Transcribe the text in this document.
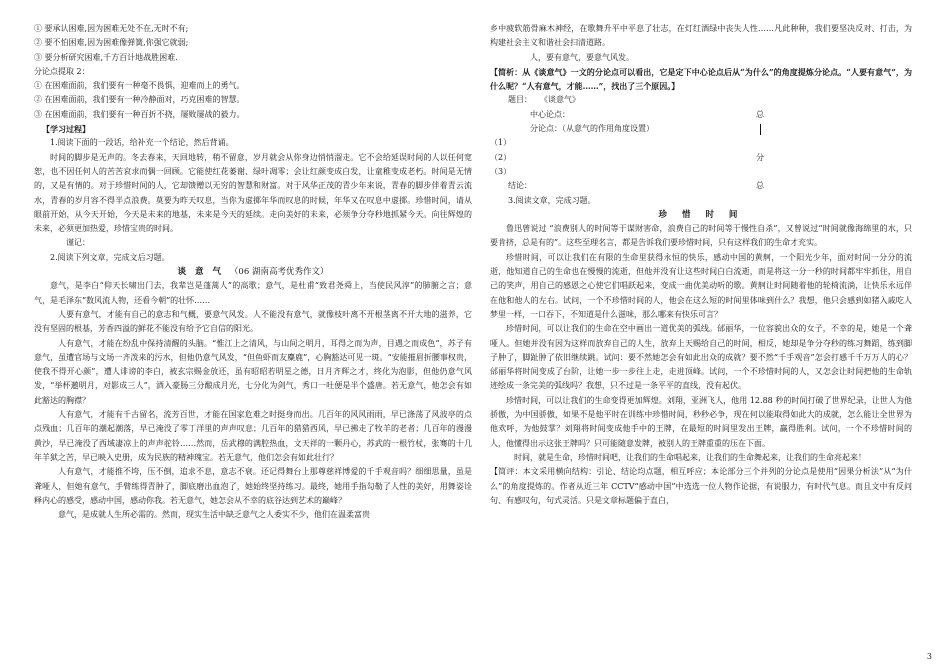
① 要承认困难,因为困难无处不在,无时不有;

② 要不怕困难,因为困难像弹簧,你强它就弱;

③ 要分析研究困难,千方百计地战胜困难.

分论点提取 2：

① 在困难面前，我们要有一种毫不畏惧，迎难而上的勇气。

② 在困难面前，我们要有一种冷静面对，巧克困难的智慧。

③ 在困难面前，我们要有一种百折不挠，屡败屡战的毅力。

【学习过程】

1.阅读下面的一段话，给补充一个结论，然后背诵。

时间的脚步是无声的。冬去春来，天回地转，稍不留意，岁月就会从你身边悄悄溜走。它不会给延误时间的人以任何宽恕，也不因任何人的苦苦哀求而偶一回顾。它能使红花萎谢、绿叶凋零；会让红颜变成白发，让童稚变成老朽。时间是无情的，又是有情的。对于珍惜时间的人，它却馈赠以无穷的智慧和财富。对于风华正茂的青少年来说，青春的脚步伴着青云流水，青春的岁月容不得半点浪费。莫要为昨天叹息，当你为虚掷年华而叹息的时候，年华又在叹息中虚掷。珍惜时间，请从眼前开始，从今天开始，今天是未来的地基，未来是今天的延续。走向美好的未来，必须争分夺秒地抓紧今天。向往辉煌的未来，必须更加热爱，珍惜宝贵的时间。

谨记：

2.阅读下列文章，完成文后习题。

谈 意 气 （06 湖南高考优秀作文）

意气，是李白“仰天长啸出门去，我辈岂是蓬蒿人”的高歌；意气，是杜甫“致君尧舜上，当使民风淳”的肺腑之言；意气，是毛泽东“数风流人物，还看今朝”的壮怀……

人要有意气，才能有自己的意志和气概，要意气风发。人不能没有意气，就像枝叶离不开根茎离不开大地的滋养，它没有坚固的根基，芳香四溢的鲜花不能没有给予它自信的阳光。

人有意气，才能在纷乱中保持清醒的头脑。“惟江上之清风，与山间之明月，耳得之而为声，目遇之而成色”，苏子有意气，虽遭官场与文场一齐泼来的污水，但他仍意气风发，“但鱼虾而友麋鹿”，心胸豁达可见一斑。“安能摧眉折腰事权贵，使我不得开心颜”，遭人诽谤的李白，被玄宗赐金放还，虽有昭昭若明星之德，日月齐辉之才，终化为泡影，但他仍意气风发，“举杯邀明月，对影成三人”，酒入豪肠三分酿成月光，七分化为剑气，秀口一吐便是半个盛唐。若无意气，他怎会有如此豁达的胸襟？

人有意气，才能有千古留名，流芳百世，才能在国家危难之时挺身而出。几百年的风风雨雨，早已涤荡了风波亭的点点残血；几百年的潮起潮落，早已淹没了零丁洋里的声声叹息；几百年的猎猎西风，早已拂走了牧羊的老者；几百年的漫漫黄沙，早已淹没了西域凄凉上的声声驼铃……然而，岳武穆的满腔热血，文天祥的一颗丹心，苏武的一根竹杖，张骞的十几年羊狱之苦，早已映入史册，成为民族的精神瑰宝。若无意气，他们怎会有如此壮行？

人有意气，才能推不垮，压不倒，追求不息，意志不衰。还记得舞台上那尊慈祥博爱的千手观音吗？细细思量，虽是聋哑人，但她有意气，手臂练得青肿了，脚底磨出血泡了，她始终坚持练习。最终，她用手指勾勒了人性的美好，用舞姿诠释内心的感受，感动中国，感动你我。若无意气，她怎会从不幸的底谷达到艺术的巅峰？

意气，是成就人生所必需的。然而，现实生活中缺乏意气之人委实不少，他们在温柔富贵

乡中疲软筋骨麻木神经，在歌舞升平中平息了壮志，在灯红酒绿中丧失人性……凡此种种，我们要坚决反对、打击，为构建社会主义和谐社会扫清道路。

人，要有意气，要意气风发。

【简析：从《谈意气》一文的分论点可以看出，它是定下中心论点后从“为什么”的角度提炼分论点。“人要有意气”，为什么呢？“人有意气，才能……”，找出了三个原因。】

题目： 《谈意气》
中心论点：	总
分论点：（从意气的作用角度设置）
（1）
（2）	分
（3）
结论：	总

3.阅读文章，完成习题。

珍 惜 时 间

鲁迅曾说过 “浪费别人的时间等于谋财害命，浪费自己的时间等于慢性自杀”，又曾说过“时间就像海绵里的水，只要肯挤，总是有的”。这些至理名言，都是告诉我们要珍惜时间，只有这样我们的生命才充实。

珍惜时间，可以让我们在有限的生命里获得永恒的快乐，感动中国的黄舸，一个阳光少年，面对时间一分分的流逝，他知道自己的生命也在慢慢的流逝，但他并没有让这些时间白白流逝，而是将这一分一秒的时间都牢牢抓住，用自己的笑声，用自己的感恩之心使它们唱跃起来，变成一曲优美动听的歌。黄舸让时间随着他的轮椅流淌，让快乐永远伴在他和他人的左右。试问，一个不珍惜时间的人，他会在这么短的时间里体味到什么？我想，他只会感到如猪入戚吃人梦里一样，一口吞下，不知道是什么滋味，那么哪来有快乐可言？

珍惜时间，可以让我们的生命在空中画出一道优美的弧线。邰丽华，一位容貌出众的女子，不幸的是，她是一个聋哑人。但她并没有因为这样而放弃自己的人生，放弃上天赐给自己的时间，相反，她却是争分夺秒的练习舞蹈，练到脚子肿了，脚趾肿了依旧继续跳。试问：要不然她怎会有如此出众的成就？要不然“千手观音”怎会打感千千万万人的心？邰丽华将时间变成了台阶，让她一步一步往上走，走进顶峰。试问，一个不珍惜时间的人，又怎会让时间把他的生命轨迹绘成一条完美的弧线吗？我想，只不过是一条平平的直线，没有起伏。

珍惜时间，可以让我们的生命变得更加辉煌。刘翔，亚洲飞人，他用 12.88 秒的时间打破了世界纪录，让世人为他骄傲，为中国骄傲，如果不是他平时在训练中珍惜时间，秒秒必争，现在何以能取得如此大的成就，怎么能让全世界为他欢呼，为他鼓掌？刘翔将时间变成他手中的王牌，在最短的时间里发出王牌，赢得胜利。试问，一个不珍惜时间的人，他懂得出示这张王牌吗？只可能随意发牌，被别人的王牌重重的压在下面。

时间，就是生命，珍惜时间吧，让我们的生命唱起来，让我们的生命舞起来，让我们的生命亮起来！

【简评：本文采用横向结构：引论、结论均点题，相互呼应；本论部分三个并列的分论点是使用“因果分析法”从“为什么”的角度提炼的。作者从近三年 CCTV“感动中国”中选选一位人物作论据，有说服力，有时代气息。而且文中有反问句、有感叹句，句式灵活。只是文章标题偏于直白，

3
